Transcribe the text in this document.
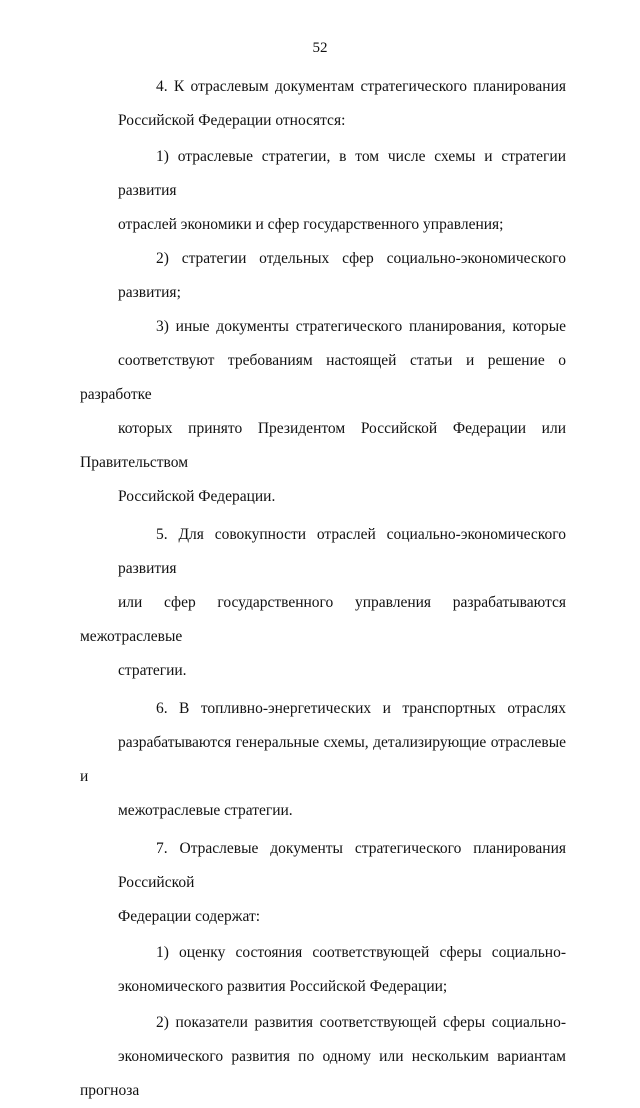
52

4. К отраслевым документам стратегического планирования
Российской Федерации относятся:

1) отраслевые стратегии, в том числе схемы и стратегии развития
отраслей экономики и сфер государственного управления;

2) стратегии отдельных сфер социально-экономического развития;

3) иные документы стратегического планирования, которые
соответствуют требованиям настоящей статьи и решение о разработке
которых принято Президентом Российской Федерации или Правительством
Российской Федерации.

5. Для совокупности отраслей социально-экономического развития
или сфер государственного управления разрабатываются межотраслевые
стратегии.

6. В топливно-энергетических и транспортных отраслях
разрабатываются генеральные схемы, детализирующие отраслевые и
межотраслевые стратегии.

7. Отраслевые документы стратегического планирования Российской
Федерации содержат:

1) оценку состояния соответствующей сферы социально-
экономического развития Российской Федерации;

2) показатели развития соответствующей сферы социально-
экономического развития по одному или нескольким вариантам прогноза
